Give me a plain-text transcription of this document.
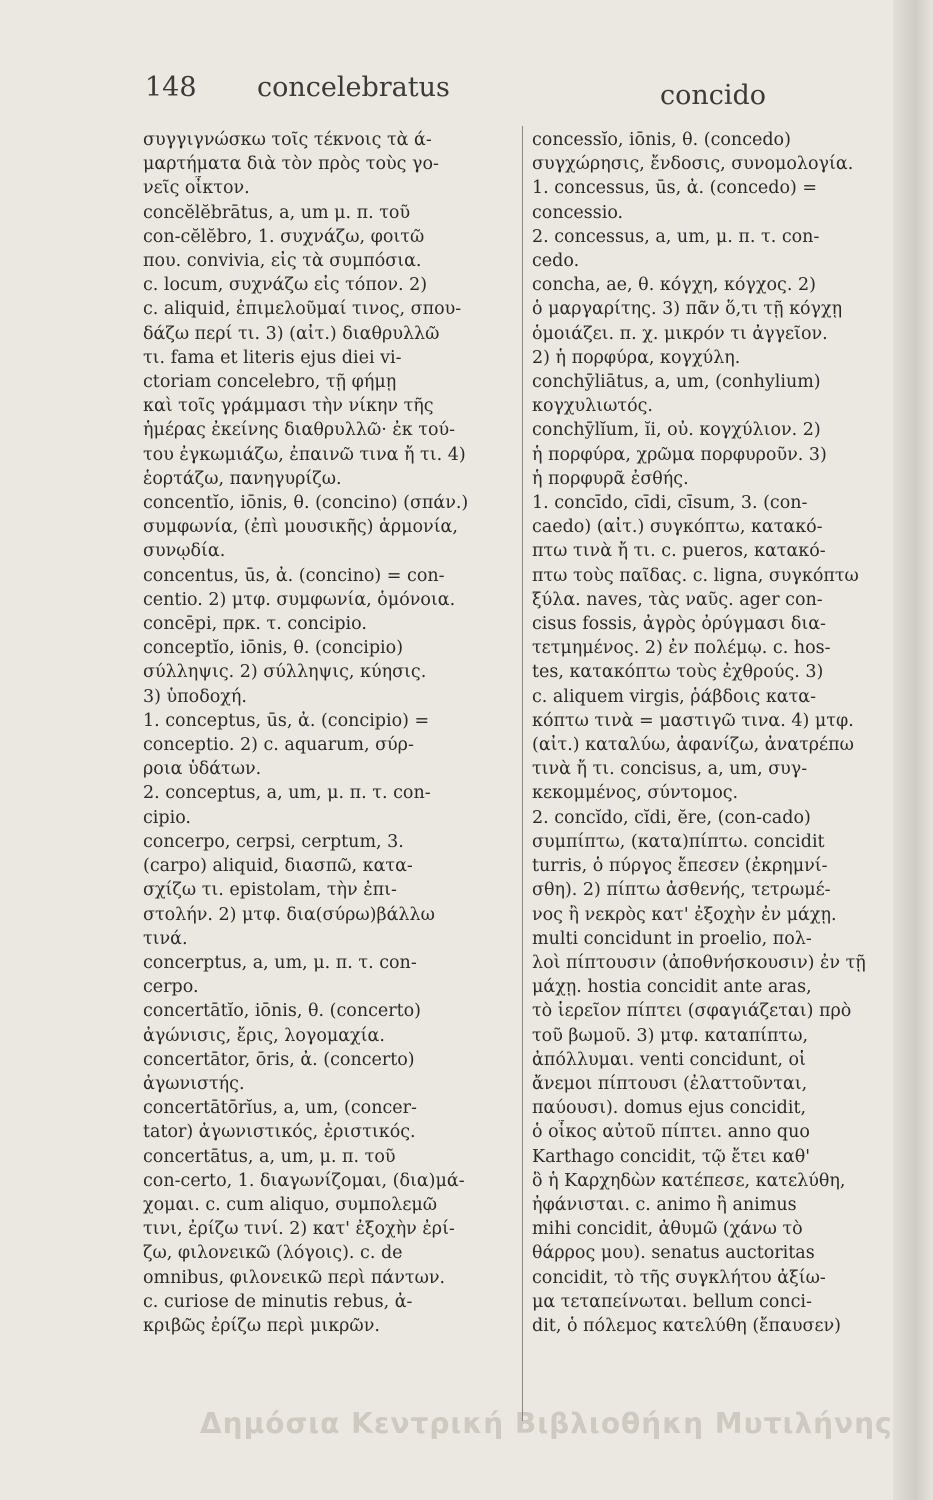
148 concelebratus	concido
συγγιγνώσκω τοῖς τέκνοις τὰ ά-
μαρτήματα διὰ τὸν πρὸς τοὺς γο-
νεῖς οἶκτον.
concĕlĕbrātus, a, um μ. π. τοῦ
con-cĕlĕbro, 1. συχνάζω, φοιτῶ
που. convivia, εἰς τὰ συμπόσια.
c. locum, συχνάζω εἰς τόπον. 2)
c. aliquid, ἐπιμελοῦμαί τινος, σπου-
δάζω περί τι. 3) (αἰτ.) διαθρυλλῶ
τι. fama et literis ejus diei vi-
ctoriam concelebro, τῇ φήμῃ
καὶ τοῖς γράμμασι τὴν νίκην τῆς
ἡμέρας ἐκείνης διαθρυλλῶ· ἐκ τού-
του ἐγκωμιάζω, ἐπαινῶ τινα ἤ τι. 4)
ἑορτάζω, πανηγυρίζω.
concentĭo, iōnis, θ. (concino) (σπάν.)
συμφωνία, (ἐπὶ μουσικῆς) ἁρμονία,
συνῳδία.
concentus, ūs, ἀ. (concino) = con-
centio. 2) μτφ. συμφωνία, ὁμόνοια.
concēpi, πρκ. τ. concipio.
conceptĭo, iōnis, θ. (concipio)
σύλληψις. 2) σύλληψις, κύησις.
3) ὑποδοχή.
1. conceptus, ūs, ἀ. (concipio) =
conceptio. 2) c. aquarum, σύρ-
ροια ὑδάτων.
2. conceptus, a, um, μ. π. τ. con-
cipio.
concerpo, cerpsi, cerptum, 3.
(carpo) aliquid, διασπῶ, κατα-
σχίζω τι. epistolam, τὴν ἐπι-
στολήν. 2) μτφ. δια(σύρω)βάλλω
τινά.
concerptus, a, um, μ. π. τ. con-
cerpo.
concertātĭo, iōnis, θ. (concerto)
ἀγώνισις, ἔρις, λογομαχία.
concertātor, ōris, ἀ. (concerto)
ἀγωνιστής.
concertātōrĭus, a, um, (concer-
tator) ἀγωνιστικός, ἐριστικός.
concertātus, a, um, μ. π. τοῦ
con-certo, 1. διαγωνίζομαι, (δια)μά-
χομαι. c. cum aliquo, συμπολεμῶ
τινι, ἐρίζω τινί. 2) κατ' ἐξοχὴν ἐρί-
ζω, φιλονεικῶ (λόγοις). c. de
omnibus, φιλονεικῶ περὶ πάντων.
c. curiose de minutis rebus, ἀ-
κριβῶς ἐρίζω περὶ μικρῶν.
concessĭo, iōnis, θ. (concedo)
συγχώρησις, ἔνδοσις, συνομολογία.
1. concessus, ūs, ἀ. (concedo) =
concessio.
2. concessus, a, um, μ. π. τ. con-
cedo.
concha, ae, θ. κόγχη, κόγχος. 2)
ὁ μαργαρίτης. 3) πᾶν ὅ,τι τῇ κόγχῃ
ὁμοιάζει. π. χ. μικρόν τι ἀγγεῖον.
2) ἡ πορφύρα, κογχύλη.
conchȳliātus, a, um, (conhylium)
κογχυλιωτός.
conchȳlĭum, ĭi, οὐ. κογχύλιον. 2)
ἡ πορφύρα, χρῶμα πορφυροῦν. 3)
ἡ πορφυρᾶ ἐσθής.
1. concīdo, cīdi, cīsum, 3. (con-
caedo) (αἰτ.) συγκόπτω, κατακό-
πτω τινὰ ἤ τι. c. pueros, κατακό-
πτω τοὺς παῖδας. c. ligna, συγκόπτω
ξύλα. naves, τὰς ναῦς. ager con-
cisus fossis, ἀγρὸς ὀρύγμασι δια-
τετμημένος. 2) ἐν πολέμῳ. c. hos-
tes, κατακόπτω τοὺς ἐχθρούς. 3)
c. aliquem virgis, ῥάβδοις κατα-
κόπτω τινὰ = μαστιγῶ τινα. 4) μτφ.
(αἰτ.) καταλύω, ἀφανίζω, ἀνατρέπω
τινὰ ἤ τι. concisus, a, um, συγ-
κεκομμένος, σύντομος.
2. concĭdo, cĭdi, ĕre, (con-cado)
συμπίπτω, (κατα)πίπτω. concidit
turris, ὁ πύργος ἔπεσεν (ἐκρημνί-
σθη). 2) πίπτω ἀσθενής, τετρωμέ-
νος ἢ νεκρὸς κατ' ἐξοχὴν ἐν μάχῃ.
multi concidunt in proelio, πολ-
λοὶ πίπτουσιν (ἀποθνήσκουσιν) ἐν τῇ
μάχῃ. hostia concidit ante aras,
τὸ ἱερεῖον πίπτει (σφαγιάζεται) πρὸ
τοῦ βωμοῦ. 3) μτφ. καταπίπτω,
ἀπόλλυμαι. venti concidunt, οἱ
ἄνεμοι πίπτουσι (ἐλαττοῦνται,
παύουσι). domus ejus concidit,
ὁ οἶκος αὐτοῦ πίπτει. anno quo
Karthago concidit, τῷ ἔτει καθ'
ὃ ἡ Καρχηδὼν κατέπεσε, κατελύθη,
ἠφάνισται. c. animo ἢ animus
mihi concidit, ἀθυμῶ (χάνω τὸ
θάρρος μου). senatus auctoritas
concidit, τὸ τῆς συγκλήτου ἀξίω-
μα τεταπείνωται. bellum conci-
dit, ὁ πόλεμος κατελύθη (ἔπαυσεν)
Δημόσια Κεντρική Βιβλιοθήκη Μυτιλήνης
